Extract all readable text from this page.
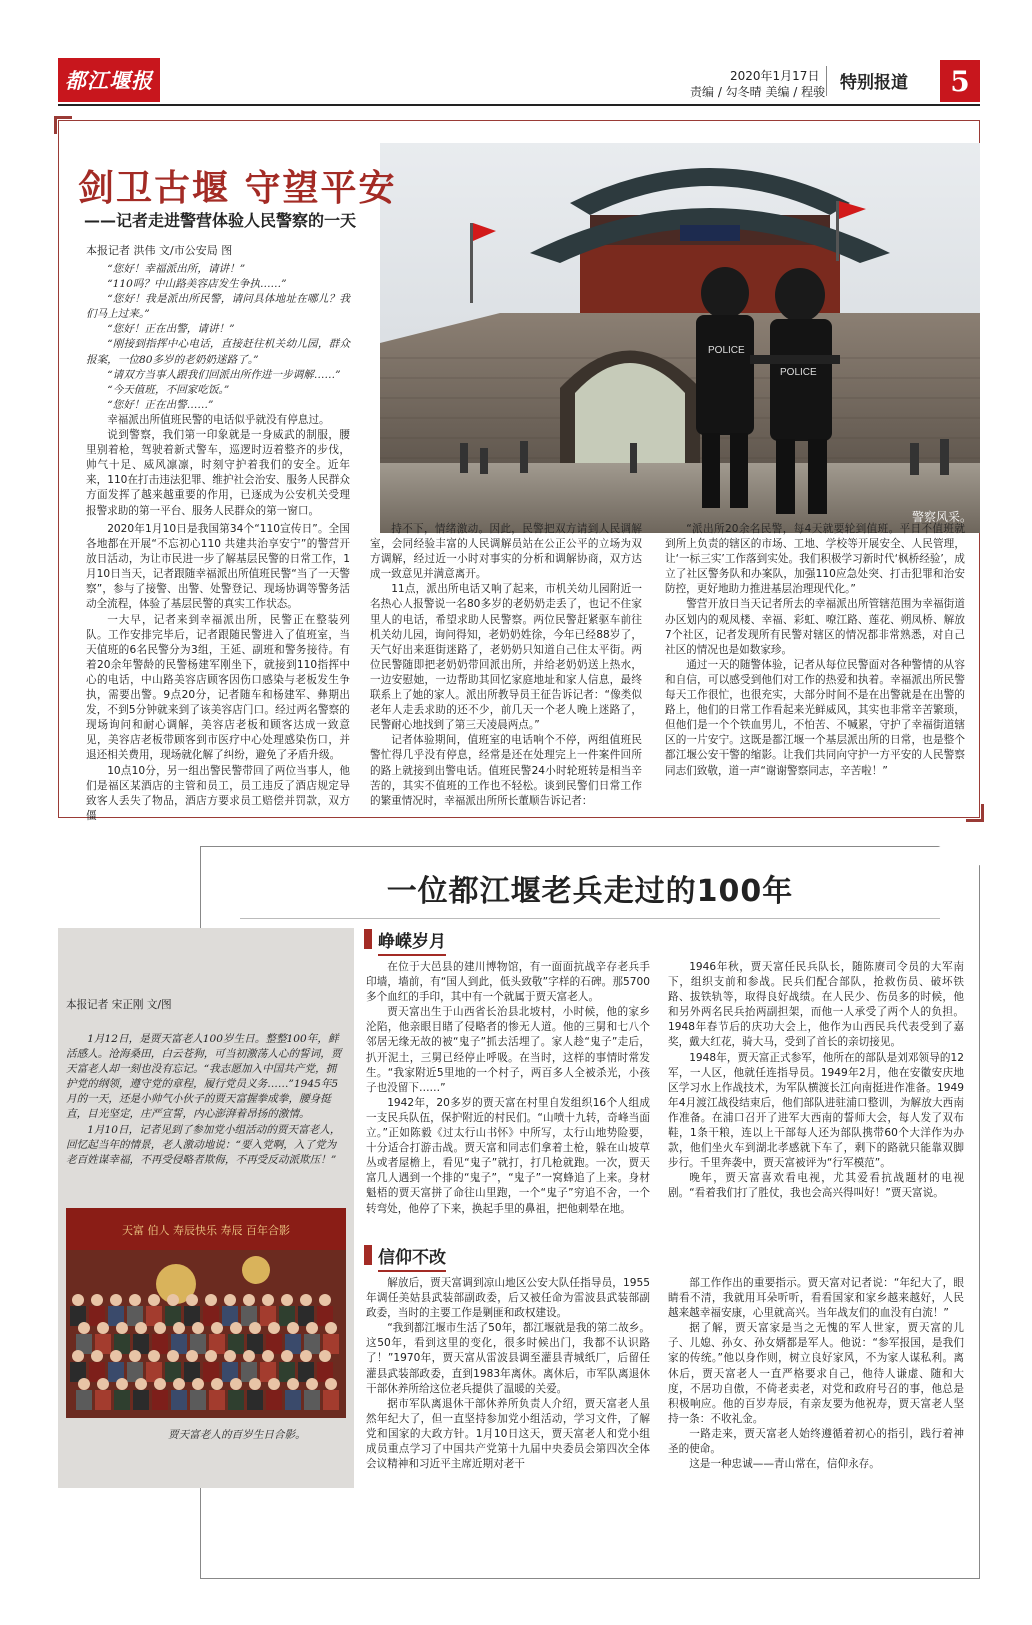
都江堰报	2020年1月17日
责编 / 勾冬晴 美编 / 程骏 特别报道	5
POLICE
POLICE
警察风采。
剑卫古堰 守望平安
——记者走进警营体验人民警察的一天
本报记者 洪伟 文/市公安局 图

“您好！幸福派出所，请讲！”

“110吗？中山路美容店发生争执……”

“您好！我是派出所民警，请问具体地址在哪儿？我们马上过来。”

“您好！正在出警，请讲！”

“刚接到指挥中心电话，直接赶往机关幼儿园，群众报案，一位80多岁的老奶奶迷路了。”

“请双方当事人跟我们回派出所作进一步调解……”

“今天值班，不回家吃饭。”

“您好！正在出警……”

幸福派出所值班民警的电话似乎就没有停息过。

说到警察，我们第一印象就是一身威武的制服，腰里别着枪，驾驶着新式警车，巡逻时迈着整齐的步伐，帅气十足、威风凛凛，时刻守护着我们的安全。近年来，110在打击违法犯罪、维护社会治安、服务人民群众方面发挥了越来越重要的作用，已逐成为公安机关受理报警求助的第一平台、服务人民群众的第一窗口。

2020年1月10日是我国第34个“110宣传日”。全国各地都在开展“不忘初心110 共建共治享安宁”的警营开放日活动，为让市民进一步了解基层民警的日常工作，1月10日当天，记者跟随幸福派出所值班民警“当了一天警察”，参与了接警、出警、处警登记、现场协调等警务活动全流程，体验了基层民警的真实工作状态。

一大早，记者来到幸福派出所，民警正在整装列队。工作安排完毕后，记者跟随民警进入了值班室，当天值班的6名民警分为3组，王延、副班和警务接待。有着20余年警龄的民警杨建军刚坐下，就接到110指挥中心的电话，中山路美容店顾客因伤口感染与老板发生争执，需要出警。9点20分，记者随车和杨建军、彝期出发，不到5分钟就来到了该美容店门口。经过两名警察的现场询问和耐心调解，美容店老板和顾客达成一致意见，美容店老板带顾客到市医疗中心处理感染伤口，并退还相关费用，现场就化解了纠纷，避免了矛盾升级。

10点10分，另一组出警民警带回了两位当事人，他们是福区某酒店的主管和员工，员工违反了酒店规定导致客人丢失了物品，酒店方要求员工赔偿并罚款，双方僵

持不下，情绪激动。因此，民警把双方请到人民调解室，会同经验丰富的人民调解员站在公正公平的立场为双方调解，经过近一小时对事实的分析和调解协商，双方达成一致意见并满意离开。

11点，派出所电话又响了起来，市机关幼儿园附近一名热心人报警说一名80多岁的老奶奶走丢了，也记不住家里人的电话，希望求助人民警察。两位民警赶紧驱车前往机关幼儿园，询问得知，老奶奶姓徐，今年已经88岁了，天气好出来逛街迷路了，老奶奶只知道自己住太平街。两位民警随即把老奶奶带回派出所，并给老奶奶送上热水，一边安慰她，一边帮助其回忆家庭地址和家人信息，最终联系上了她的家人。派出所教导员王征告诉记者：“像类似老年人走丢求助的还不少，前几天一个老人晚上迷路了，民警耐心地找到了第三天凌晨两点。”

记者体验期间，值班室的电话响个不停，两组值班民警忙得几乎没有停息，经常是还在处理完上一件案件回所的路上就接到出警电话。值班民警24小时轮班转是相当辛苦的，其实不值班的工作也不轻松。谈到民警们日常工作的繁重情况时，幸福派出所所长董顺告诉记者：

“派出所20余名民警，每4天就要轮到值班。平日不值班就到所上负责的辖区的市场、工地、学校等开展安全、人民管理，让‘一标三实’工作落到实处。我们积极学习新时代‘枫桥经验’，成立了社区警务队和办案队，加强110应急处突、打击犯罪和治安防控，更好地助力推进基层治理现代化。”

警营开放日当天记者所去的幸福派出所管辖范围为幸福街道办区划内的观凤楼、幸福、彩虹、嘹江路、莲花、朔凤桥、解放7个社区，记者发现所有民警对辖区的情况都非常熟悉，对自己社区的情况也是如数家珍。

通过一天的随警体验，记者从每位民警面对各种警情的从容和自信，可以感受到他们对工作的热爱和执着。幸福派出所民警每天工作很忙，也很充实，大部分时间不是在出警就是在出警的路上，他们的日常工作看起来光鲜威风，其实也非常辛苦繁琐，但他们是一个个铁血男儿，不怕苦、不喊累，守护了幸福街道辖区的一片安宁。这既是都江堰一个基层派出所的日常，也是整个都江堰公安干警的缩影。让我们共同向守护一方平安的人民警察同志们致敬，道一声“谢谢警察同志，辛苦啦！”

一位都江堰老兵走过的100年
本报记者 宋正刚 文/图

1月12日，是贾天富老人100岁生日。整整100年，鲜活感人。沧海桑田，白云苍狗，可当初激荡人心的誓词，贾天富老人却一刻也没有忘记。“我志愿加入中国共产党，拥护党的纲领，遵守党的章程，履行党员义务……”1945年5月的一天，还是小帅气小伙子的贾天富握拳成拳，腰身挺直，目光坚定，庄严宣誓，内心澎湃着昂扬的激情。

1月10日，记者见到了参加党小组活动的贾天富老人，回忆起当年的情景，老人激动地说：“要入党啊，入了党为老百姓谋幸福，不再受侵略者欺侮，不再受反动派欺压！”

天富 伯人 寿辰快乐 寿辰 百年合影
贾天富老人的百岁生日合影。
峥嵘岁月

在位于大邑县的建川博物馆，有一面面抗战辛存老兵手印墙，墙前，有“国人到此，低头致敬”字样的石碑。那5700多个血红的手印，其中有一个就属于贾天富老人。

贾天富出生于山西省长治县北坡村，小时候，他的家乡沦陷，他亲眼目睹了侵略者的惨无人道。他的三舅和七八个邻居无缘无故的被“鬼子”抓去活埋了。家人趁“鬼子”走后，扒开泥土，三舅已经停止呼吸。在当时，这样的事情时常发生。“我家附近5里地的一个村子，两百多人全被杀光，小孩子也没留下……”

1942年，20多岁的贾天富在村里自发组织16个人组成一支民兵队伍，保护附近的村民们。“山喷十九转，奇峰当面立。”正如陈毅《过太行山书怀》中所写，太行山地势险要，十分适合打游击战。贾天富和同志们拿着土枪，躲在山坡草丛或者屋檐上，看见“鬼子”就打，打几枪就跑。一次，贾天富几人遇到一个排的“鬼子”，“鬼子”一窝蜂追了上来。身材魁梧的贾天富拼了命往山里跑，一个“鬼子”穷追不舍，一个转弯处，他停了下来，换起手里的鼻祖，把他刺晕在地。

1946年秋，贾天富任民兵队长，随陈赓司令员的大军南下，组织支前和参战。民兵们配合部队，抢救伤员、破坏铁路、拔铁轨等，取得良好战绩。在人民少、伤员多的时候，他和另外两名民兵抬两副担架，而他一人承受了两个人的负担。1948年春节后的庆功大会上，他作为山西民兵代表受到了嘉奖，戴大红花，骑大马，受到了首长的亲切接见。

1948年，贾天富正式参军，他所在的部队是刘邓领导的12军，一人区，他就任连指导员。1949年2月，他在安徽安庆地区学习水上作战技术，为军队横渡长江向南挺进作准备。1949年4月渡江战役结束后，他们部队进驻浦口整训，为解放大西南作准备。在浦口召开了进军大西南的誓师大会，每人发了双布鞋，1条干粮，连以上干部每人还为部队携带60个大洋作为办款，他们坐火车到湖北孝感就下车了，剩下的路就只能靠双脚步行。千里奔袭中，贾天富被评为“行军模范”。

晚年，贾天富喜欢看电视，尤其爱看抗战题材的电视剧。“看着我们打了胜仗，我也会高兴得叫好！”贾天富说。

信仰不改

解放后，贾天富调到凉山地区公安大队任指导员，1955年调任美姑县武装部副政委，后又被任命为雷波县武装部副政委，当时的主要工作是剿匪和政权建设。

“我到都江堰市生活了50年，都江堰就是我的第二故乡。这50年，看到这里的变化，很多时候出门，我都不认识路了！”1970年，贾天富从雷波县调至灌县青城纸厂，后留任灌县武装部政委，直到1983年离休。离休后，市军队离退休干部休养所给这位老兵提供了温暖的关爱。

据市军队离退休干部休养所负责人介绍，贾天富老人虽然年纪大了，但一直坚持参加党小组活动，学习文件，了解党和国家的大政方针。1月10日这天，贾天富老人和党小组成员重点学习了中国共产党第十九届中央委员会第四次全体会议精神和习近平主席近期对老干

部工作作出的重要指示。贾天富对记者说：“年纪大了，眼睛看不清，我就用耳朵听听，看看国家和家乡越来越好，人民越来越幸福安康，心里就高兴。当年战友们的血没有白流！”

据了解，贾天富家是当之无愧的军人世家，贾天富的儿子、儿媳、孙女、孙女婿都是军人。他说：“参军报国，是我们家的传统。”他以身作则，树立良好家风，不为家人谋私利。离休后，贾天富老人一直严格要求自己，他待人谦虚、随和大度，不居功自傲，不倚老卖老，对党和政府号召的事，他总是积极响应。他的百岁寿辰，有亲友要为他祝寿，贾天富老人坚持一条：不收礼金。

一路走来，贾天富老人始终遵循着初心的指引，践行着神圣的使命。

这是一种忠诚——青山常在，信仰永存。
